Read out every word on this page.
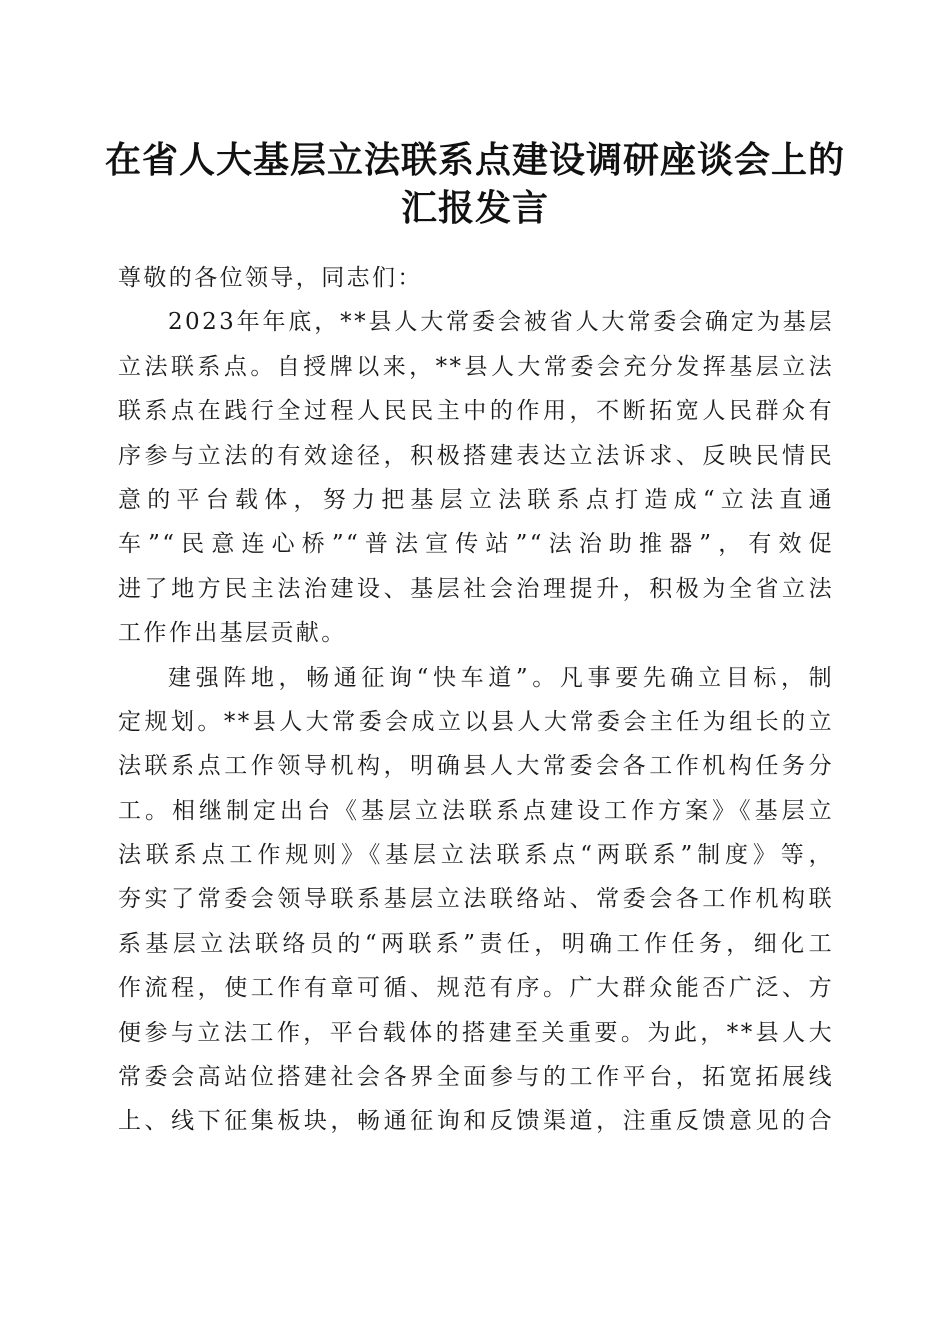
在省人大基层立法联系点建设调研座谈会上的
汇报发言
尊敬的各位领导，同志们：
2023年年底，**县人大常委会被省人大常委会确定为基层
立法联系点。自授牌以来，**县人大常委会充分发挥基层立法
联系点在践行全过程人民民主中的作用，不断拓宽人民群众有
序参与立法的有效途径，积极搭建表达立法诉求、反映民情民
意的平台载体，努力把基层立法联系点打造成“立法直通
车”“民意连心桥”“普法宣传站”“法治助推器”，有效促
进了地方民主法治建设、基层社会治理提升，积极为全省立法
工作作出基层贡献。
建强阵地，畅通征询“快车道”。凡事要先确立目标，制
定规划。**县人大常委会成立以县人大常委会主任为组长的立
法联系点工作领导机构，明确县人大常委会各工作机构任务分
工。相继制定出台《基层立法联系点建设工作方案》《基层立
法联系点工作规则》《基层立法联系点“两联系”制度》等，
夯实了常委会领导联系基层立法联络站、常委会各工作机构联
系基层立法联络员的“两联系”责任，明确工作任务，细化工
作流程，使工作有章可循、规范有序。广大群众能否广泛、方
便参与立法工作，平台载体的搭建至关重要。为此，**县人大
常委会高站位搭建社会各界全面参与的工作平台，拓宽拓展线
上、线下征集板块，畅通征询和反馈渠道，注重反馈意见的合
